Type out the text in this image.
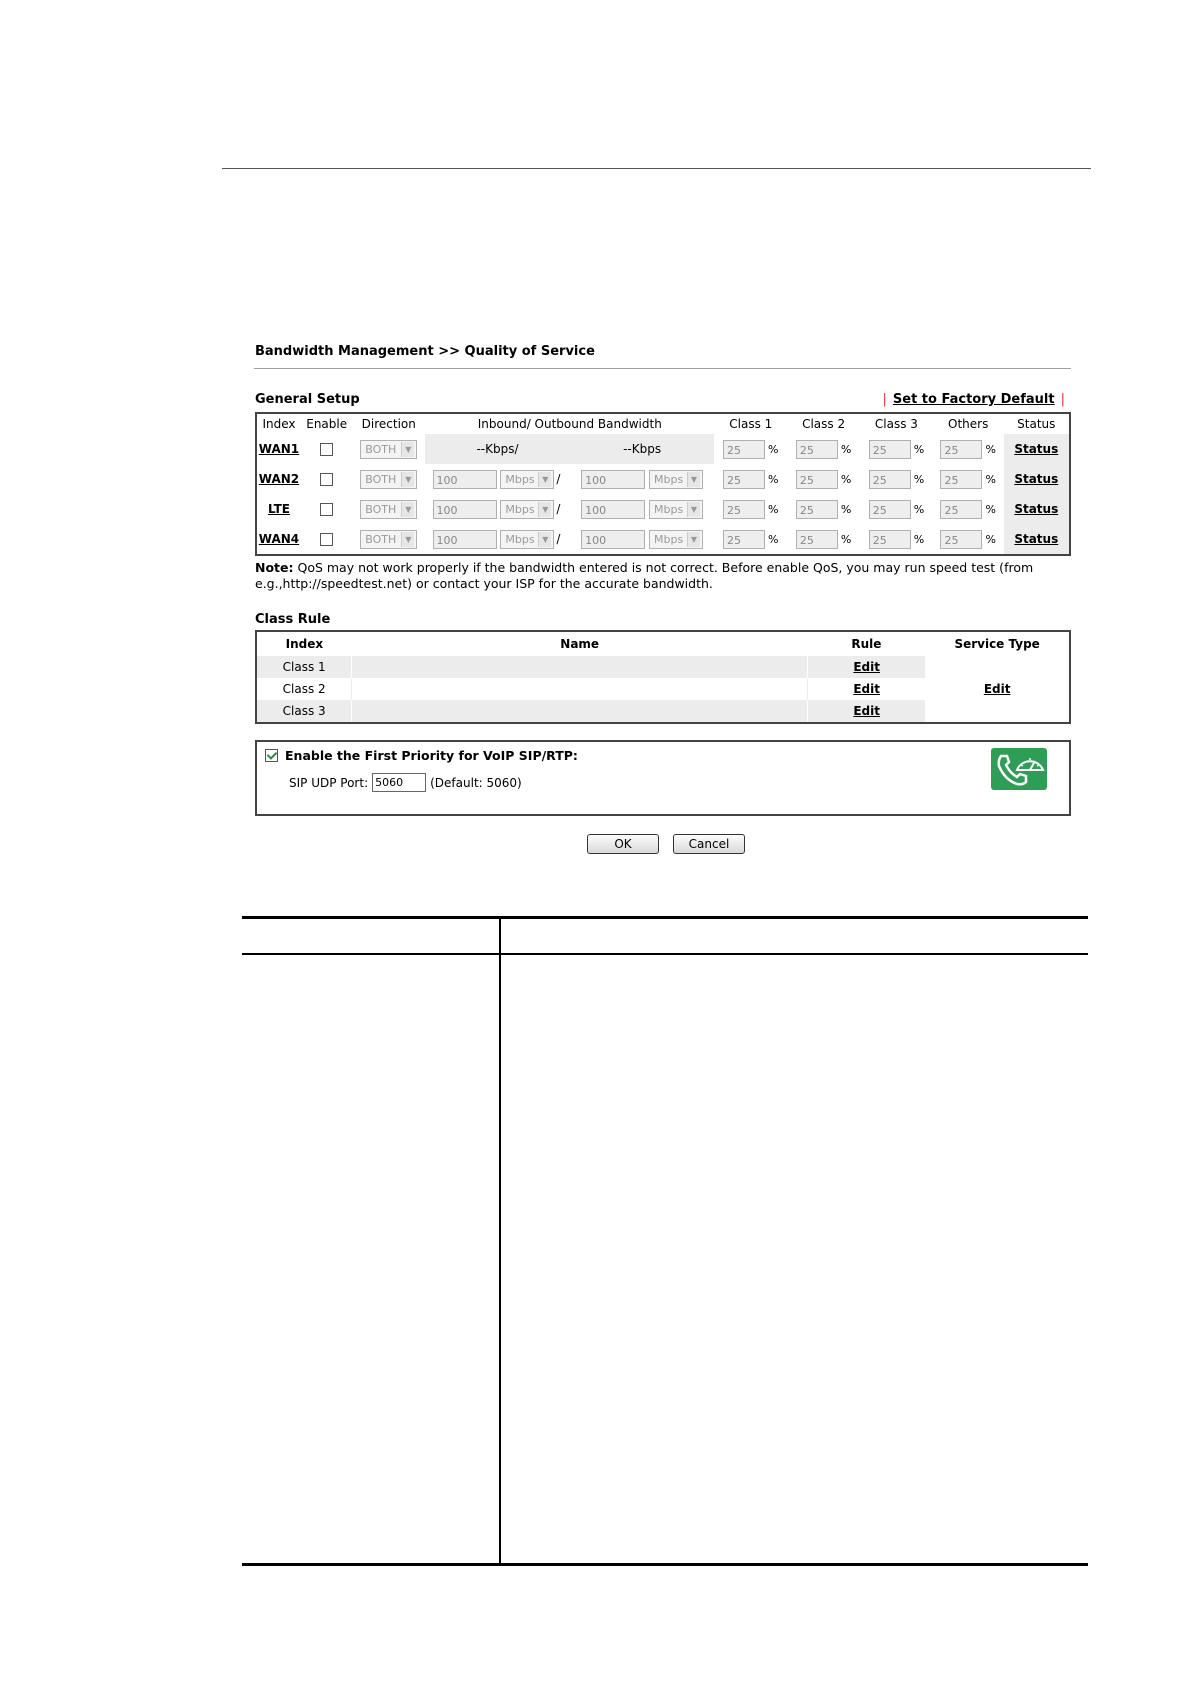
Bandwidth Management >> Quality of Service
General Setup	| Set to Factory Default |
Index	Enable	Direction	Inbound/ Outbound Bandwidth		Class 1	Class 2	Class 3	Others	Status
WAN1		BOTH ▼	--Kbps/	--Kbps	25 %	25 %	25 %	25 %	Status
WAN2		BOTH ▼	100 Mbps ▼ /	100 Mbps ▼	25 %	25 %	25 %	25 %	Status
LTE		BOTH ▼	100 Mbps ▼ /	100 Mbps ▼	25 %	25 %	25 %	25 %	Status
WAN4		BOTH ▼	100 Mbps ▼ /	100 Mbps ▼	25 %	25 %	25 %	25 %	Status
Note: QoS may not work properly if the bandwidth entered is not correct. Before enable QoS, you may run speed test (from e.g.,http://speedtest.net) or contact your ISP for the accurate bandwidth.
Class Rule
Index	Name	Rule	Service Type
Class 1		Edit	Edit
Class 2		Edit	
Class 3		Edit	
Enable the First Priority for VoIP SIP/RTP:
SIP UDP Port: 5060	(Default: 5060)
OK	Cancel
